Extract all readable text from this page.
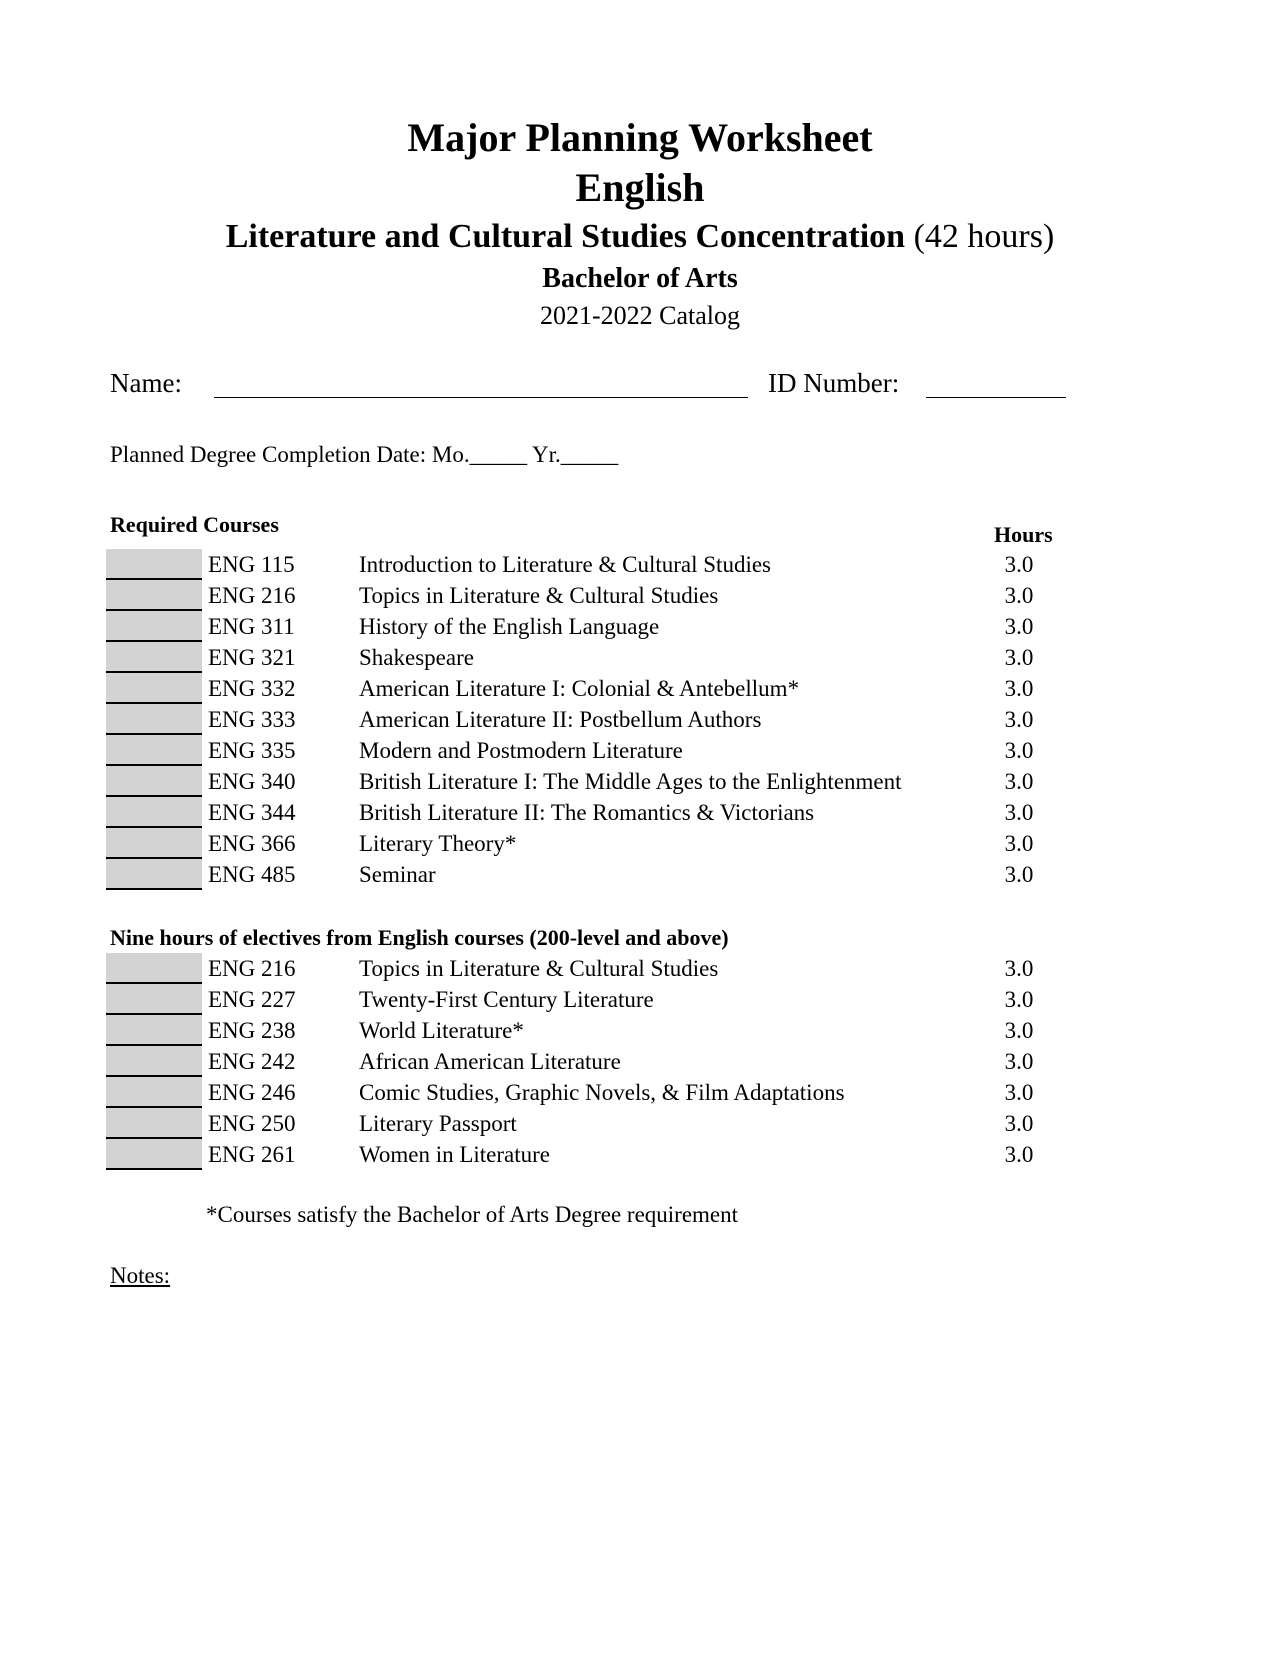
Major Planning Worksheet
English
Literature and Cultural Studies Concentration (42 hours)
Bachelor of Arts
2021-2022 Catalog
Name:	ID Number:
Planned Degree Completion Date: Mo._____ Yr._____
Required Courses	Hours
ENG 115	Introduction to Literature & Cultural Studies	3.0
ENG 216	Topics in Literature & Cultural Studies	3.0
ENG 311	History of the English Language	3.0
ENG 321	Shakespeare	3.0
ENG 332	American Literature I: Colonial & Antebellum*	3.0
ENG 333	American Literature II: Postbellum Authors	3.0
ENG 335	Modern and Postmodern Literature	3.0
ENG 340	British Literature I: The Middle Ages to the Enlightenment	3.0
ENG 344	British Literature II: The Romantics & Victorians	3.0
ENG 366	Literary Theory*	3.0
ENG 485	Seminar	3.0
Nine hours of electives from English courses (200-level and above)
ENG 216	Topics in Literature & Cultural Studies	3.0
ENG 227	Twenty-First Century Literature	3.0
ENG 238	World Literature*	3.0
ENG 242	African American Literature	3.0
ENG 246	Comic Studies, Graphic Novels, & Film Adaptations	3.0
ENG 250	Literary Passport	3.0
ENG 261	Women in Literature	3.0
*Courses satisfy the Bachelor of Arts Degree requirement
Notes:
